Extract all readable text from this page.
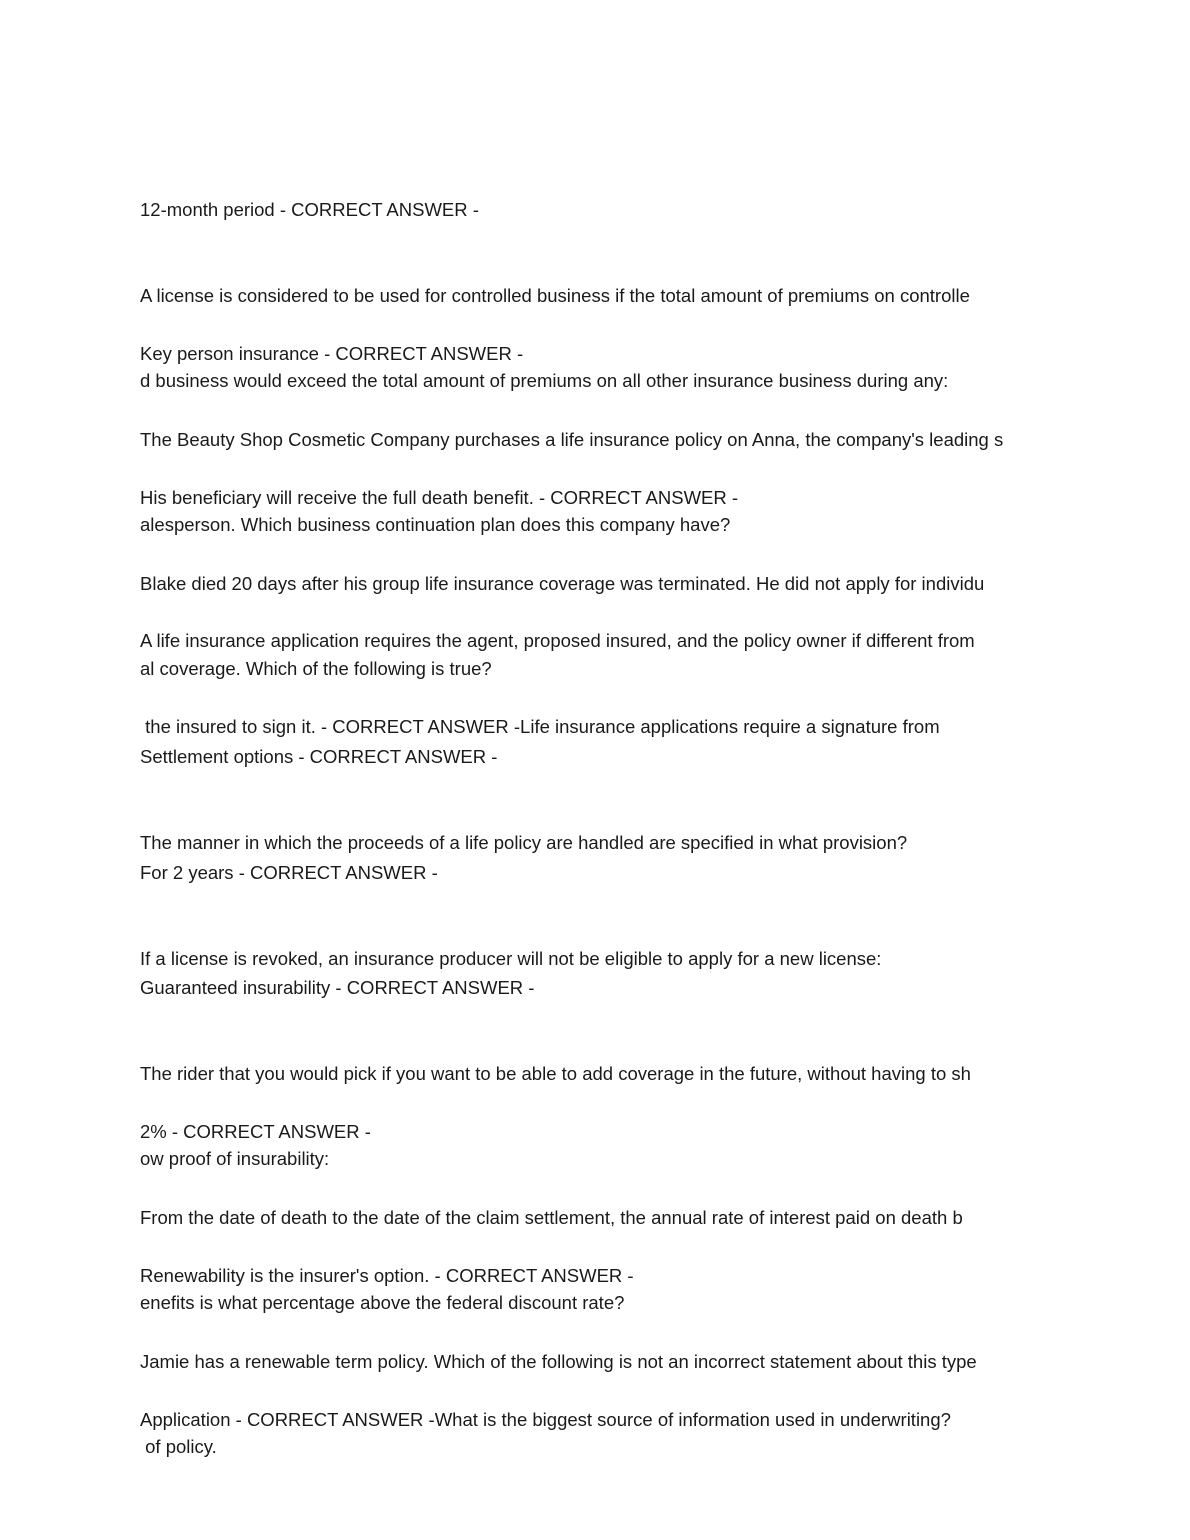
12-month period - CORRECT ANSWER -

A license is considered to be used for controlled business if the total amount of premiums on controlle

d business would exceed the total amount of premiums on all other insurance business during any:

Key person insurance - CORRECT ANSWER -

The Beauty Shop Cosmetic Company purchases a life insurance policy on Anna, the company's leading s

alesperson. Which business continuation plan does this company have?

His beneficiary will receive the full death benefit. - CORRECT ANSWER -

Blake died 20 days after his group life insurance coverage was terminated. He did not apply for individu

al coverage. Which of the following is true?

A life insurance application requires the agent, proposed insured, and the policy owner if different from

the insured to sign it. - CORRECT ANSWER -Life insurance applications require a signature from

Settlement options - CORRECT ANSWER -

The manner in which the proceeds of a life policy are handled are specified in what provision?

For 2 years - CORRECT ANSWER -

If a license is revoked, an insurance producer will not be eligible to apply for a new license:

Guaranteed insurability - CORRECT ANSWER -

The rider that you would pick if you want to be able to add coverage in the future, without having to sh

ow proof of insurability:

2% - CORRECT ANSWER -

From the date of death to the date of the claim settlement, the annual rate of interest paid on death b

enefits is what percentage above the federal discount rate?

Renewability is the insurer's option. - CORRECT ANSWER -

Jamie has a renewable term policy. Which of the following is not an incorrect statement about this type

of policy.

Application - CORRECT ANSWER -What is the biggest source of information used in underwriting?
